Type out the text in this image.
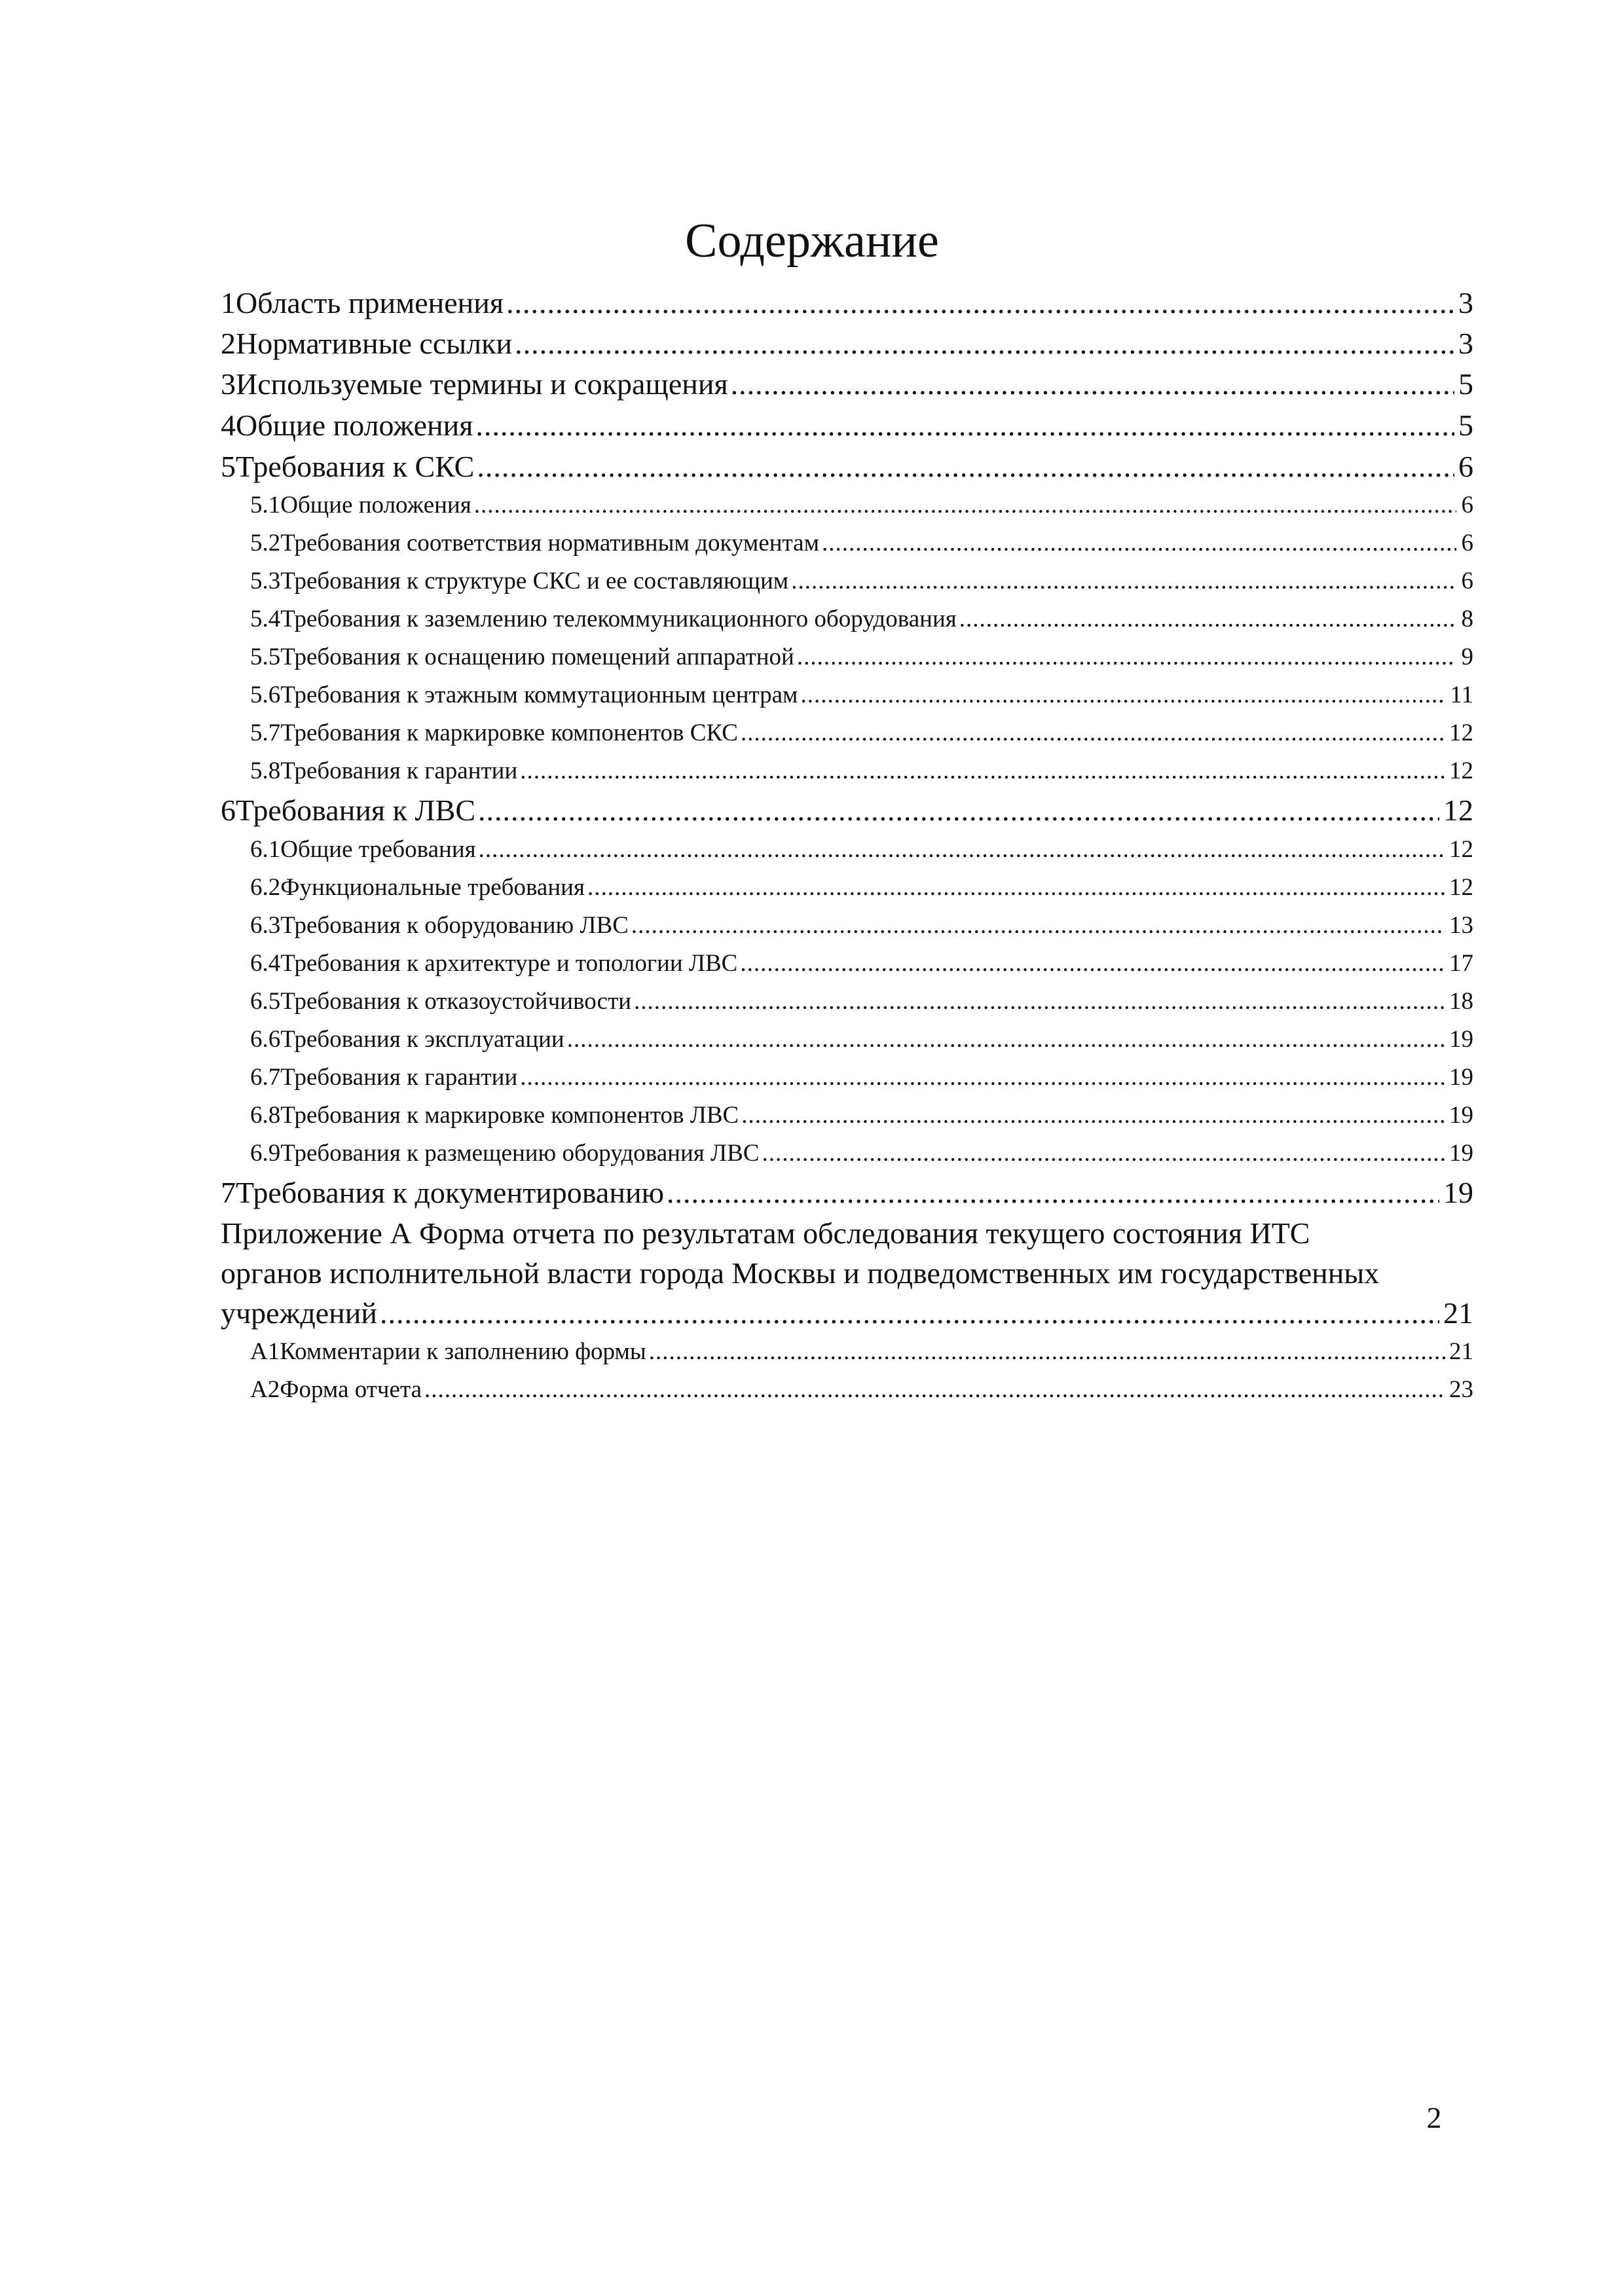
Содержание
1 Область применения .....	3
2 Нормативные ссылки .....	3
3 Используемые термины и сокращения .....	5
4 Общие положения .....	5
5 Требования к СКС .....	6
5.1 Общие положения .....	6
5.2 Требования соответствия нормативным документам .....	6
5.3 Требования к структуре СКС и ее составляющим .....	6
5.4 Требования к заземлению телекоммуникационного оборудования .....	8
5.5 Требования к оснащению помещений аппаратной .....	9
5.6 Требования к этажным коммутационным центрам .....	11
5.7 Требования к маркировке компонентов СКС .....	12
5.8 Требования к гарантии .....	12
6 Требования к ЛВС .....	12
6.1 Общие требования .....	12
6.2 Функциональные требования .....	12
6.3 Требования к оборудованию ЛВС .....	13
6.4 Требования к архитектуре и топологии ЛВС .....	17
6.5 Требования к отказоустойчивости .....	18
6.6 Требования к эксплуатации .....	19
6.7 Требования к гарантии .....	19
6.8 Требования к маркировке компонентов ЛВС .....	19
6.9 Требования к размещению оборудования ЛВС .....	19
7 Требования к документированию .....	19
Приложение А Форма отчета по результатам обследования текущего состояния ИТС
органов исполнительной власти города Москвы и подведомственных им государственных
учреждений .....	21
А1 Комментарии к заполнению формы .....	21
А2 Форма отчета .....	23
2
